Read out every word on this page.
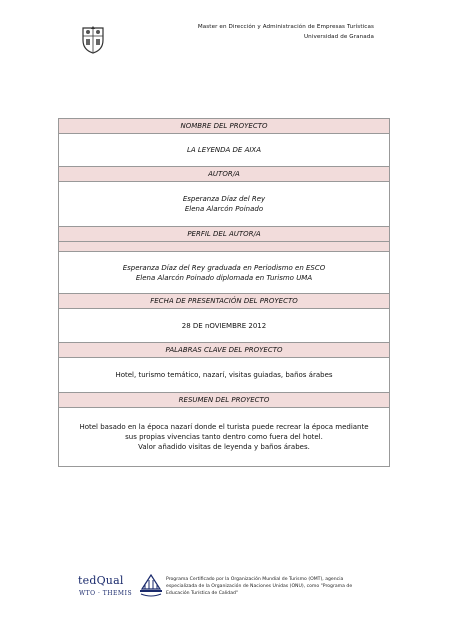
Master en Dirección y Administración de Empresas Turísticas
Universidad de Granada
NOMBRE DEL PROYECTO
LA LEYENDA DE AIXA
AUTOR/A

Esperanza Díaz del Rey
Elena Alarcón Poinado

PERFIL DEL AUTOR/A

Esperanza Díaz del Rey graduada en Periodismo en ESCO
Elena Alarcón Poinado diplomada en Turismo UMA

FECHA DE PRESENTACIÓN DEL PROYECTO
28 DE nOVIEMBRE 2012
PALABRAS CLAVE DEL PROYECTO
Hotel, turismo temático, nazarí, visitas guiadas, baños árabes
RESUMEN DEL PROYECTO

Hotel basado en la época nazarí donde el turista puede recrear la época mediante
sus propias vivencias tanto dentro como fuera del hotel.
Valor añadido visitas de leyenda y baños árabes.
tedQual
WTO · THEMIS
Programa Certificado por la Organización Mundial de Turismo (OMT), agencia
especializada de la Organización de Naciones Unidas (ONU), como "Programa de
Educación Turística de Calidad"
